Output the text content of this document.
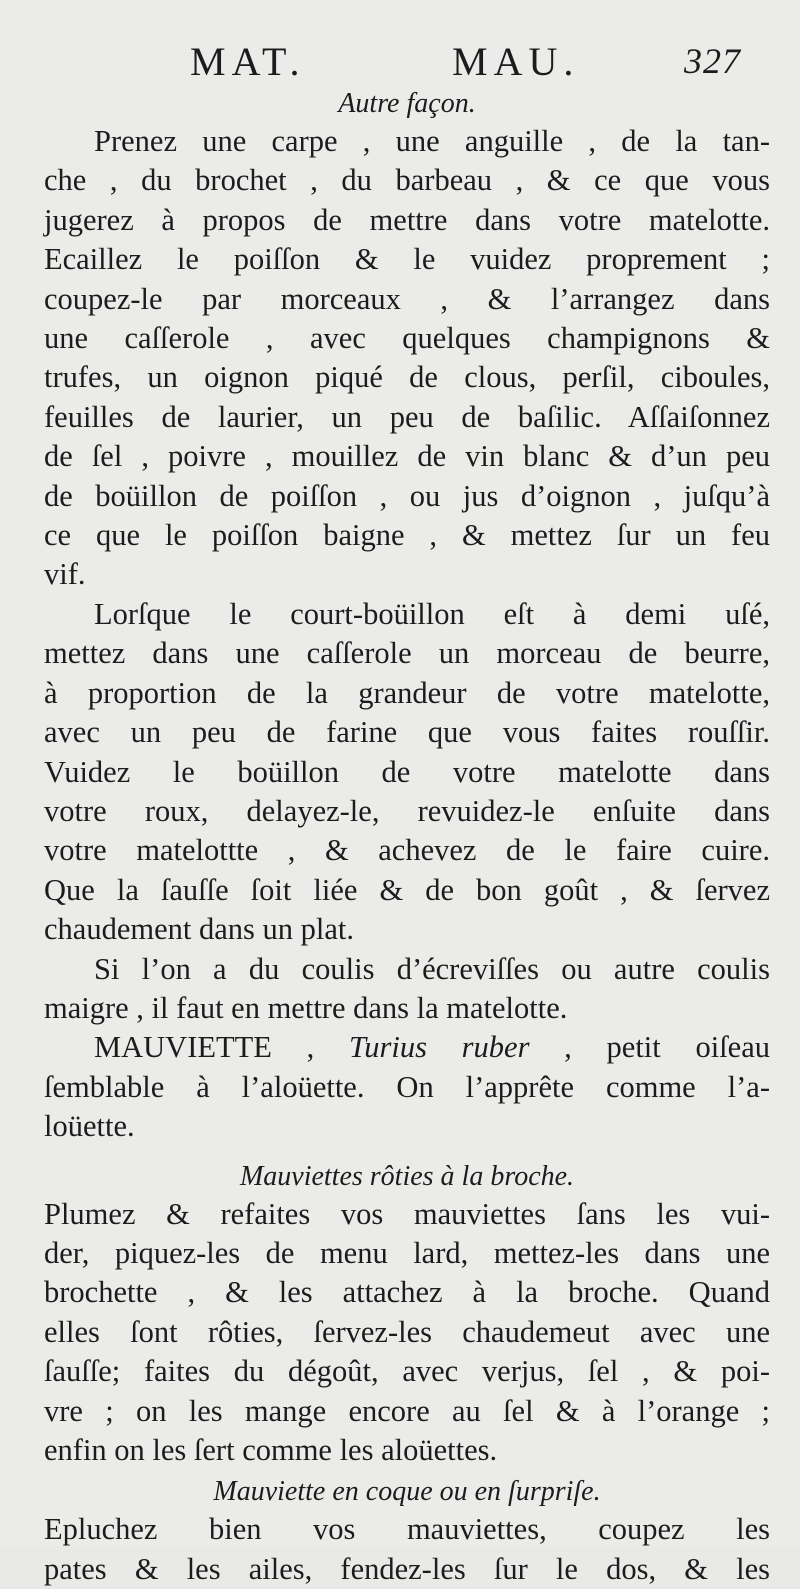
MAT.	MAU.	327

Autre façon.

Prenez une carpe , une anguille , de la tan-
che , du brochet , du barbeau , & ce que vous
jugerez à propos de mettre dans votre matelotte.
Ecaillez le poiſſon & le vuidez proprement ;
coupez-le par morceaux , & l’arrangez dans
une caſſerole , avec quelques champignons &
trufes, un oignon piqué de clous, perſil, ciboules,
feuilles de laurier, un peu de baſilic. Aſſaiſonnez
de ſel , poivre , mouillez de vin blanc & d’un peu
de boüillon de poiſſon , ou jus d’oignon , juſqu’à
ce que le poiſſon baigne , & mettez ſur un feu
vif.
Lorſque le court-boüillon eſt à demi uſé,
mettez dans une caſſerole un morceau de beurre,
à proportion de la grandeur de votre matelotte,
avec un peu de farine que vous faites rouſſir.
Vuidez le boüillon de votre matelotte dans
votre roux, delayez-le, revuidez-le enſuite dans
votre matelottte , & achevez de le faire cuire.
Que la ſauſſe ſoit liée & de bon goût , & ſervez
chaudement dans un plat.
Si l’on a du coulis d’écreviſſes ou autre coulis
maigre , il faut en mettre dans la matelotte.
MAUVIETTE , Turius ruber , petit oiſeau
ſemblable à l’aloüette. On l’apprête comme l’a-
loüette.

Mauviettes rôties à la broche.

Plumez & refaites vos mauviettes ſans les vui-
der, piquez-les de menu lard, mettez-les dans une
brochette , & les attachez à la broche. Quand
elles ſont rôties, ſervez-les chaudemeut avec une
ſauſſe; faites du dégoût, avec verjus, ſel , & poi-
vre ; on les mange encore au ſel & à l’orange ;
enfin on les ſert comme les aloüettes.

Mauviette en coque ou en ſurpriſe.

Epluchez bien vos mauviettes, coupez les
pates & les ailes, fendez-les ſur le dos, & les
